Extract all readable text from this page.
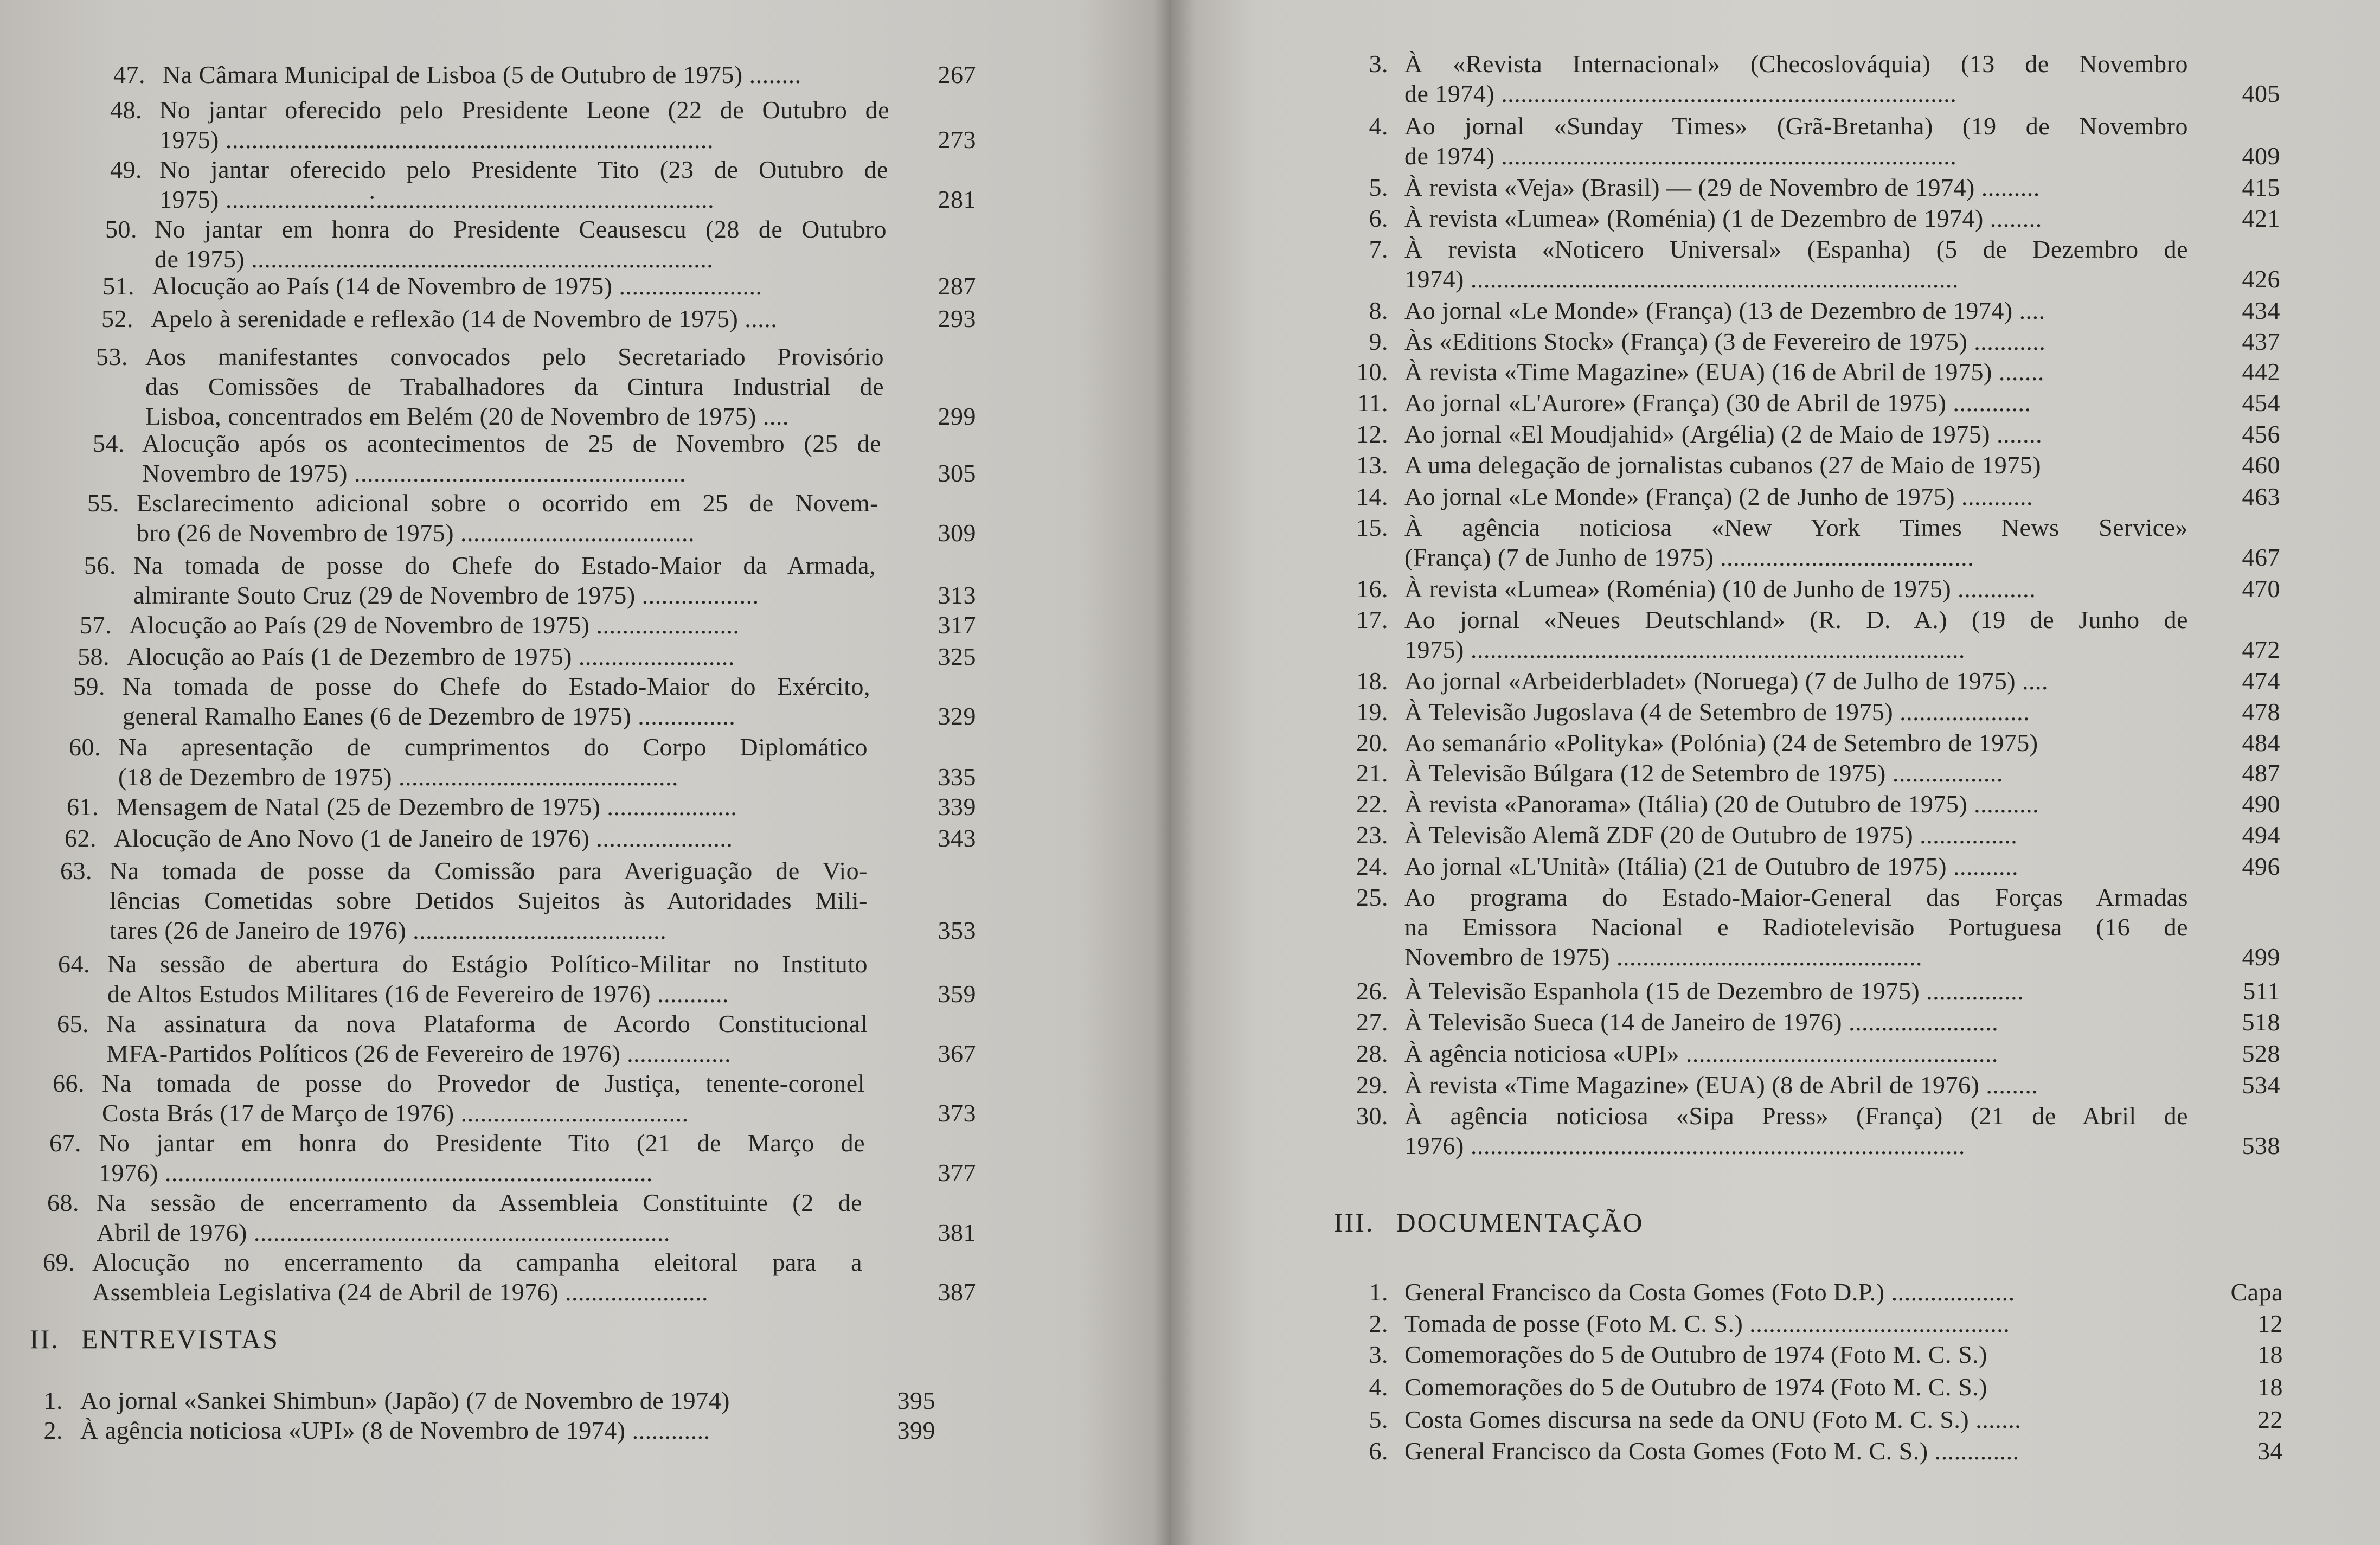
47. Na Câmara Municipal de Lisboa (5 de Outubro de 1975) ........	267
48. No jantar oferecido pelo Presidente Leone (22 de Outubro de
1975) ...........................................................................	273
49. No jantar oferecido pelo Presidente Tito (23 de Outubro de
1975) ......................:....................................................	281
50. No jantar em honra do Presidente Ceausescu (28 de Outubro
de 1975) .......................................................................
51. Alocução ao País (14 de Novembro de 1975) ......................	287
52. Apelo à serenidade e reflexão (14 de Novembro de 1975) .....	293
53. Aos manifestantes convocados pelo Secretariado Provisório
das Comissões de Trabalhadores da Cintura Industrial de
Lisboa, concentrados em Belém (20 de Novembro de 1975) ....	299
54. Alocução após os acontecimentos de 25 de Novembro (25 de
Novembro de 1975) ...................................................	305
55. Esclarecimento adicional sobre o ocorrido em 25 de Novem-
bro (26 de Novembro de 1975) ....................................	309
56. Na tomada de posse do Chefe do Estado-Maior da Armada,
almirante Souto Cruz (29 de Novembro de 1975) ..................	313
57. Alocução ao País (29 de Novembro de 1975) ......................	317
58. Alocução ao País (1 de Dezembro de 1975) ........................	325
59. Na tomada de posse do Chefe do Estado-Maior do Exército,
general Ramalho Eanes (6 de Dezembro de 1975) ...............	329
60. Na apresentação de cumprimentos do Corpo Diplomático
(18 de Dezembro de 1975) ...........................................	335
61. Mensagem de Natal (25 de Dezembro de 1975) ....................	339
62. Alocução de Ano Novo (1 de Janeiro de 1976) .....................	343
63. Na tomada de posse da Comissão para Averiguação de Vio-
lências Cometidas sobre Detidos Sujeitos às Autoridades Mili-
tares (26 de Janeiro de 1976) .......................................	353
64. Na sessão de abertura do Estágio Político-Militar no Instituto
de Altos Estudos Militares (16 de Fevereiro de 1976) ...........	359
65. Na assinatura da nova Plataforma de Acordo Constitucional
MFA-Partidos Políticos (26 de Fevereiro de 1976) ................	367
66. Na tomada de posse do Provedor de Justiça, tenente-coronel
Costa Brás (17 de Março de 1976) ...................................	373
67. No jantar em honra do Presidente Tito (21 de Março de
1976) ...........................................................................	377
68. Na sessão de encerramento da Assembleia Constituinte (2 de
Abril de 1976) ................................................................	381
69. Alocução no encerramento da campanha eleitoral para a
Assembleia Legislativa (24 de Abril de 1976) ......................	387
II. ENTREVISTAS
1. Ao jornal «Sankei Shimbun» (Japão) (7 de Novembro de 1974)	395
2. À agência noticiosa «UPI» (8 de Novembro de 1974) ............	399
3. À «Revista Internacional» (Checoslováquia) (13 de Novembro
de 1974) ......................................................................	405
4. Ao jornal «Sunday Times» (Grã-Bretanha) (19 de Novembro
de 1974) ......................................................................	409
5. À revista «Veja» (Brasil) — (29 de Novembro de 1974) .........	415
6. À revista «Lumea» (Roménia) (1 de Dezembro de 1974) ........	421
7. À revista «Noticero Universal» (Espanha) (5 de Dezembro de
1974) ...........................................................................	426
8. Ao jornal «Le Monde» (França) (13 de Dezembro de 1974) ....	434
9. Às «Editions Stock» (França) (3 de Fevereiro de 1975) ...........	437
10. À revista «Time Magazine» (EUA) (16 de Abril de 1975) .......	442
11. Ao jornal «L'Aurore» (França) (30 de Abril de 1975) ............	454
12. Ao jornal «El Moudjahid» (Argélia) (2 de Maio de 1975) .......	456
13. A uma delegação de jornalistas cubanos (27 de Maio de 1975)	460
14. Ao jornal «Le Monde» (França) (2 de Junho de 1975) ...........	463
15. À agência noticiosa «New York Times News Service»
(França) (7 de Junho de 1975) .......................................	467
16. À revista «Lumea» (Roménia) (10 de Junho de 1975) ............	470
17. Ao jornal «Neues Deutschland» (R. D. A.) (19 de Junho de
1975) ............................................................................	472
18. Ao jornal «Arbeiderbladet» (Noruega) (7 de Julho de 1975) ....	474
19. À Televisão Jugoslava (4 de Setembro de 1975) ....................	478
20. Ao semanário «Polityka» (Polónia) (24 de Setembro de 1975)	484
21. À Televisão Búlgara (12 de Setembro de 1975) .................	487
22. À revista «Panorama» (Itália) (20 de Outubro de 1975) ..........	490
23. À Televisão Alemã ZDF (20 de Outubro de 1975) ...............	494
24. Ao jornal «L'Unità» (Itália) (21 de Outubro de 1975) ..........	496
25. Ao programa do Estado-Maior-General das Forças Armadas
na Emissora Nacional e Radiotelevisão Portuguesa (16 de
Novembro de 1975) ...............................................	499
26. À Televisão Espanhola (15 de Dezembro de 1975) ...............	511
27. À Televisão Sueca (14 de Janeiro de 1976) .......................	518
28. À agência noticiosa «UPI» ................................................	528
29. À revista «Time Magazine» (EUA) (8 de Abril de 1976) ........	534
30. À agência noticiosa «Sipa Press» (França) (21 de Abril de
1976) ............................................................................	538
III. DOCUMENTAÇÃO
1. General Francisco da Costa Gomes (Foto D.P.) ...................	Capa
2. Tomada de posse (Foto M. C. S.) ........................................	12
3. Comemorações do 5 de Outubro de 1974 (Foto M. C. S.)	18
4. Comemorações do 5 de Outubro de 1974 (Foto M. C. S.)	18
5. Costa Gomes discursa na sede da ONU (Foto M. C. S.) .......	22
6. General Francisco da Costa Gomes (Foto M. C. S.) .............	34
